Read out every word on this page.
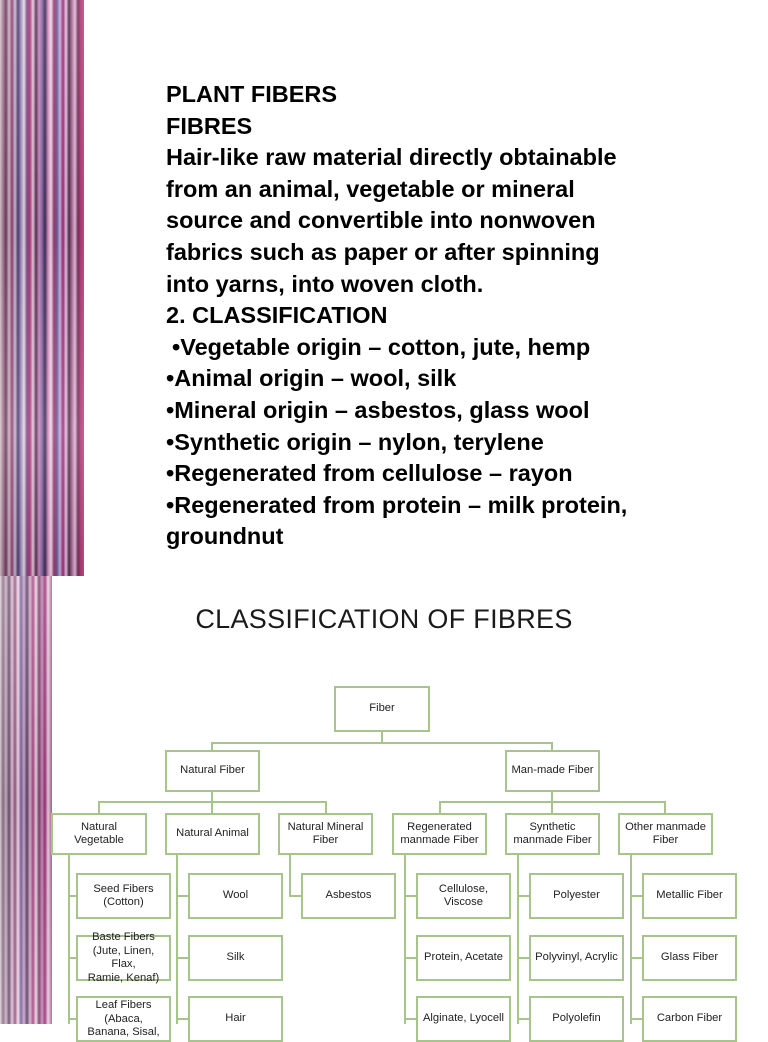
PLANT FIBERS
FIBRES
Hair-like raw material directly obtainable
from an animal, vegetable or mineral
source and convertible into nonwoven
fabrics such as paper or after spinning
into yarns, into woven cloth.
2. CLASSIFICATION
•Vegetable origin – cotton, jute, hemp
•Animal origin – wool, silk
•Mineral origin – asbestos, glass wool
•Synthetic origin – nylon, terylene
•Regenerated from cellulose – rayon
•Regenerated from protein – milk protein,
groundnut
CLASSIFICATION OF FIBRES
Fiber
Natural Fiber	Man-made Fiber
Natural
Vegetable
Natural Animal
Natural Mineral
Fiber
Regenerated
manmade Fiber
Synthetic
manmade Fiber
Other manmade
Fiber
Seed Fibers
(Cotton)
Baste Fibers
(Jute, Linen, Flax,
Ramie, Kenaf)
Leaf Fibers (Abaca,
Banana, Sisal,
Wool
Silk
Hair
Asbestos
Cellulose,
Viscose
Protein, Acetate
Alginate, Lyocell
Polyester
Polyvinyl, Acrylic
Polyolefin
Metallic Fiber
Glass Fiber
Carbon Fiber
